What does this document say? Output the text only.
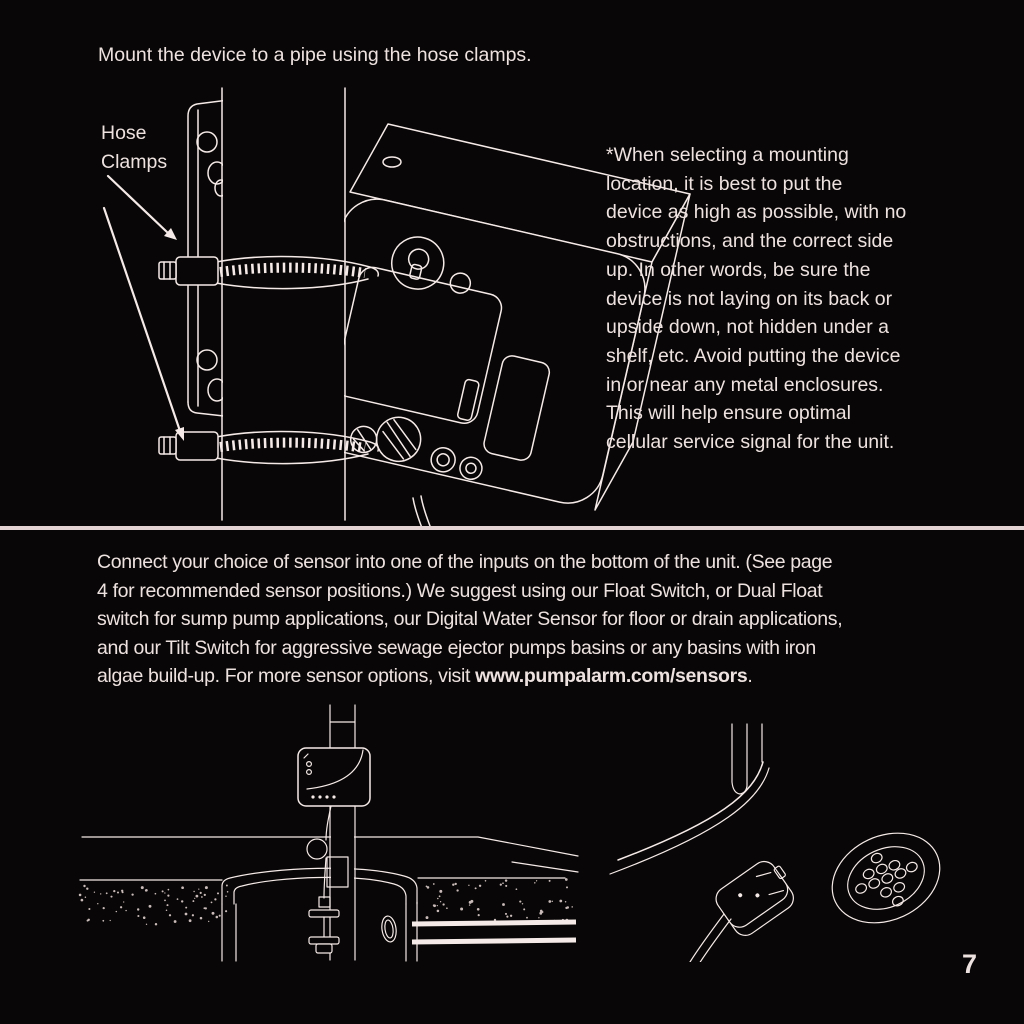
Mount the device to a pipe using the hose clamps.
Hose
Clamps	*When selecting a mounting
location, it is best to put the
device as high as possible, with no
obstructions, and the correct side
up. In other words, be sure the
device is not laying on its back or
upside down, not hidden under a
shelf, etc. Avoid putting the device
in or near any metal enclosures.
This will help ensure optimal
cellular service signal for the unit.
Connect your choice of sensor into one of the inputs on the bottom of the unit. (See page
4 for recommended sensor positions.) We suggest using our Float Switch, or Dual Float
switch for sump pump applications, our Digital Water Sensor for floor or drain applications,
and our Tilt Switch for aggressive sewage ejector pumps basins or any basins with iron
algae build-up. For more sensor options, visit www.pumpalarm.com/sensors.
7
